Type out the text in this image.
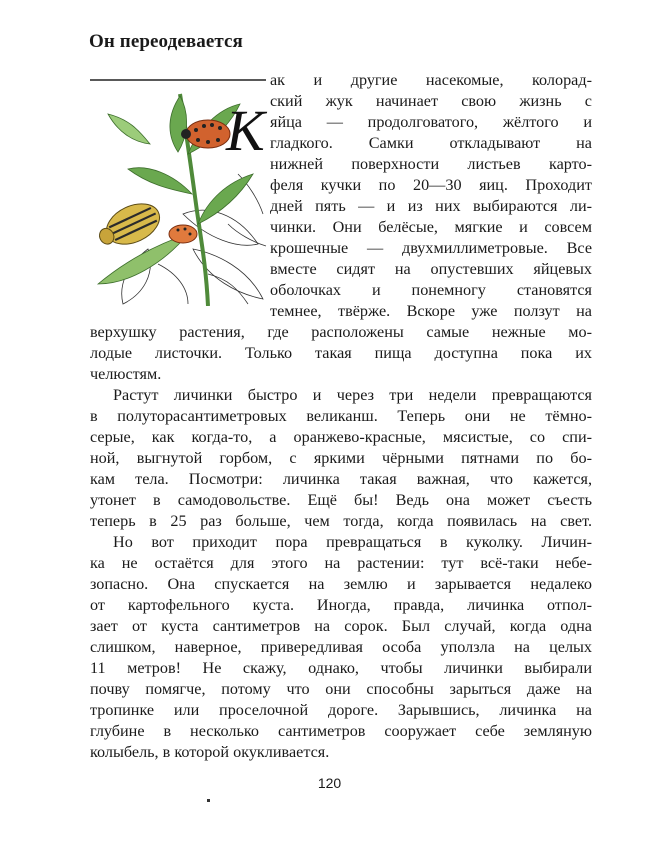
Он переодевается
К
ак и другие насекомые, колорад-
ский жук начинает свою жизнь с
яйца — продолговатого, жёлтого и
гладкого. Самки откладывают на
нижней поверхности листьев карто-
феля кучки по 20—30 яиц. Проходит
дней пять — и из них выбираются ли-
чинки. Они белёсые, мягкие и совсем
крошечные — двухмиллиметровые. Все
вместе сидят на опустевших яйцевых
оболочках и понемногу становятся
темнее, твёрже. Вскоре уже ползут на
верхушку растения, где расположены самые нежные мо-
лодые листочки. Только такая пища доступна пока их
челюстям.
Растут личинки быстро и через три недели превращаются
в полуторасантиметровых великанш. Теперь они не тёмно-
серые, как когда-то, а оранжево-красные, мясистые, со спи-
ной, выгнутой горбом, с яркими чёрными пятнами по бо-
кам тела. Посмотри: личинка такая важная, что кажется,
утонет в самодовольстве. Ещё бы! Ведь она может съесть
теперь в 25 раз больше, чем тогда, когда появилась на свет.
Но вот приходит пора превращаться в куколку. Личин-
ка не остаётся для этого на растении: тут всё-таки небе-
зопасно. Она спускается на землю и зарывается недалеко
от картофельного куста. Иногда, правда, личинка отпол-
зает от куста сантиметров на сорок. Был случай, когда одна
слишком, наверное, привередливая особа уползла на целых
11 метров! Не скажу, однако, чтобы личинки выбирали
почву помягче, потому что они способны зарыться даже на
тропинке или проселочной дороге. Зарывшись, личинка на
глубине в несколько сантиметров сооружает себе земляную
колыбель, в которой окукливается.
120
